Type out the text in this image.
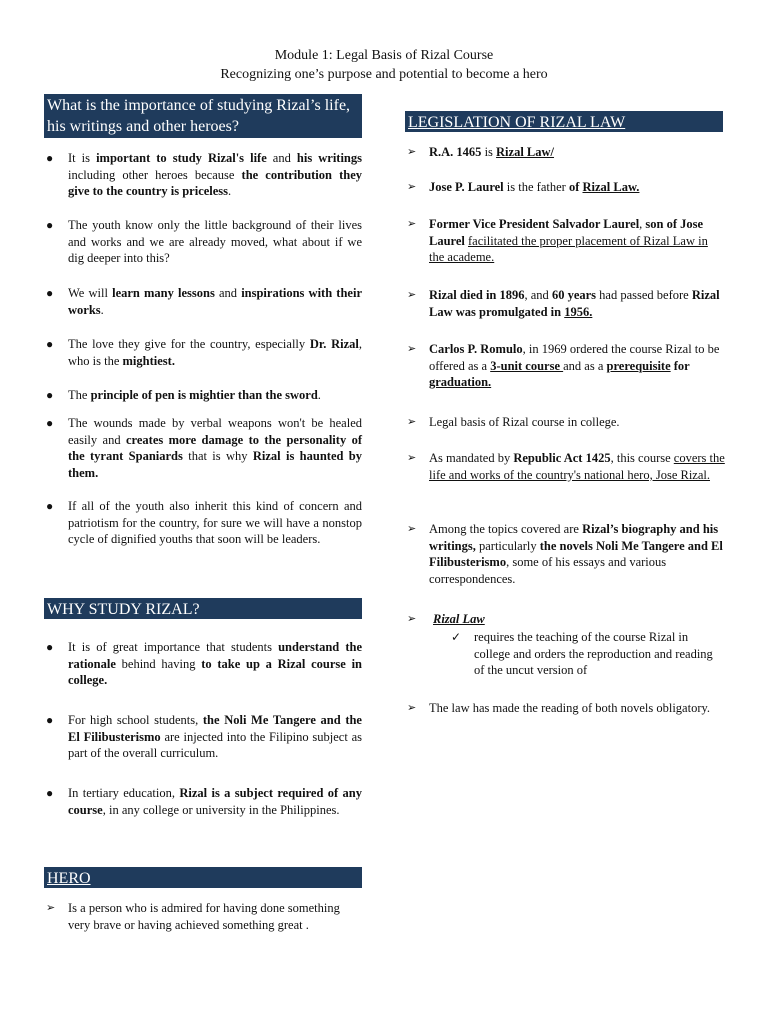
Module 1: Legal Basis of Rizal Course
Recognizing one’s purpose and potential to become a hero
What is the importance of studying Rizal’s life, his writings and other heroes?
● It is important to study Rizal's life and his writings including other heroes because the contribution they give to the country is priceless.
● The youth know only the little background of their lives and works and we are already moved, what about if we dig deeper into this?
● We will learn many lessons and inspirations with their works.
● The love they give for the country, especially Dr. Rizal, who is the mightiest.
● The principle of pen is mightier than the sword.
● The wounds made by verbal weapons won't be healed easily and creates more damage to the personality of the tyrant Spaniards that is why Rizal is haunted by them.
● If all of the youth also inherit this kind of concern and patriotism for the country, for sure we will have a nonstop cycle of dignified youths that soon will be leaders.
WHY STUDY RIZAL?
● It is of great importance that students understand the rationale behind having to take up a Rizal course in college.
● For high school students, the Noli Me Tangere and the El Filibusterismo are injected into the Filipino subject as part of the overall curriculum.
● In tertiary education, Rizal is a subject required of any course, in any college or university in the Philippines.
HERO
➢ Is a person who is admired for having done something very brave or having achieved something great .
LEGISLATION OF RIZAL LAW
➢ R.A. 1465 is Rizal Law/
➢ Jose P. Laurel is the father of Rizal Law.
➢ Former Vice President Salvador Laurel, son of Jose Laurel facilitated the proper placement of Rizal Law in the academe.
➢ Rizal died in 1896, and 60 years had passed before Rizal Law was promulgated in 1956.
➢ Carlos P. Romulo, in 1969 ordered the course Rizal to be offered as a 3-unit course and as a prerequisite for graduation.
➢ Legal basis of Rizal course in college.
➢ As mandated by Republic Act 1425, this course covers the life and works of the country's national hero, Jose Rizal.
➢ Among the topics covered are Rizal’s biography and his writings, particularly the novels Noli Me Tangere and El Filibusterismo, some of his essays and various correspondences.
➢ Rizal Law
✓ requires the teaching of the course Rizal in college and orders the reproduction and reading of the uncut version of
➢ The law has made the reading of both novels obligatory.
